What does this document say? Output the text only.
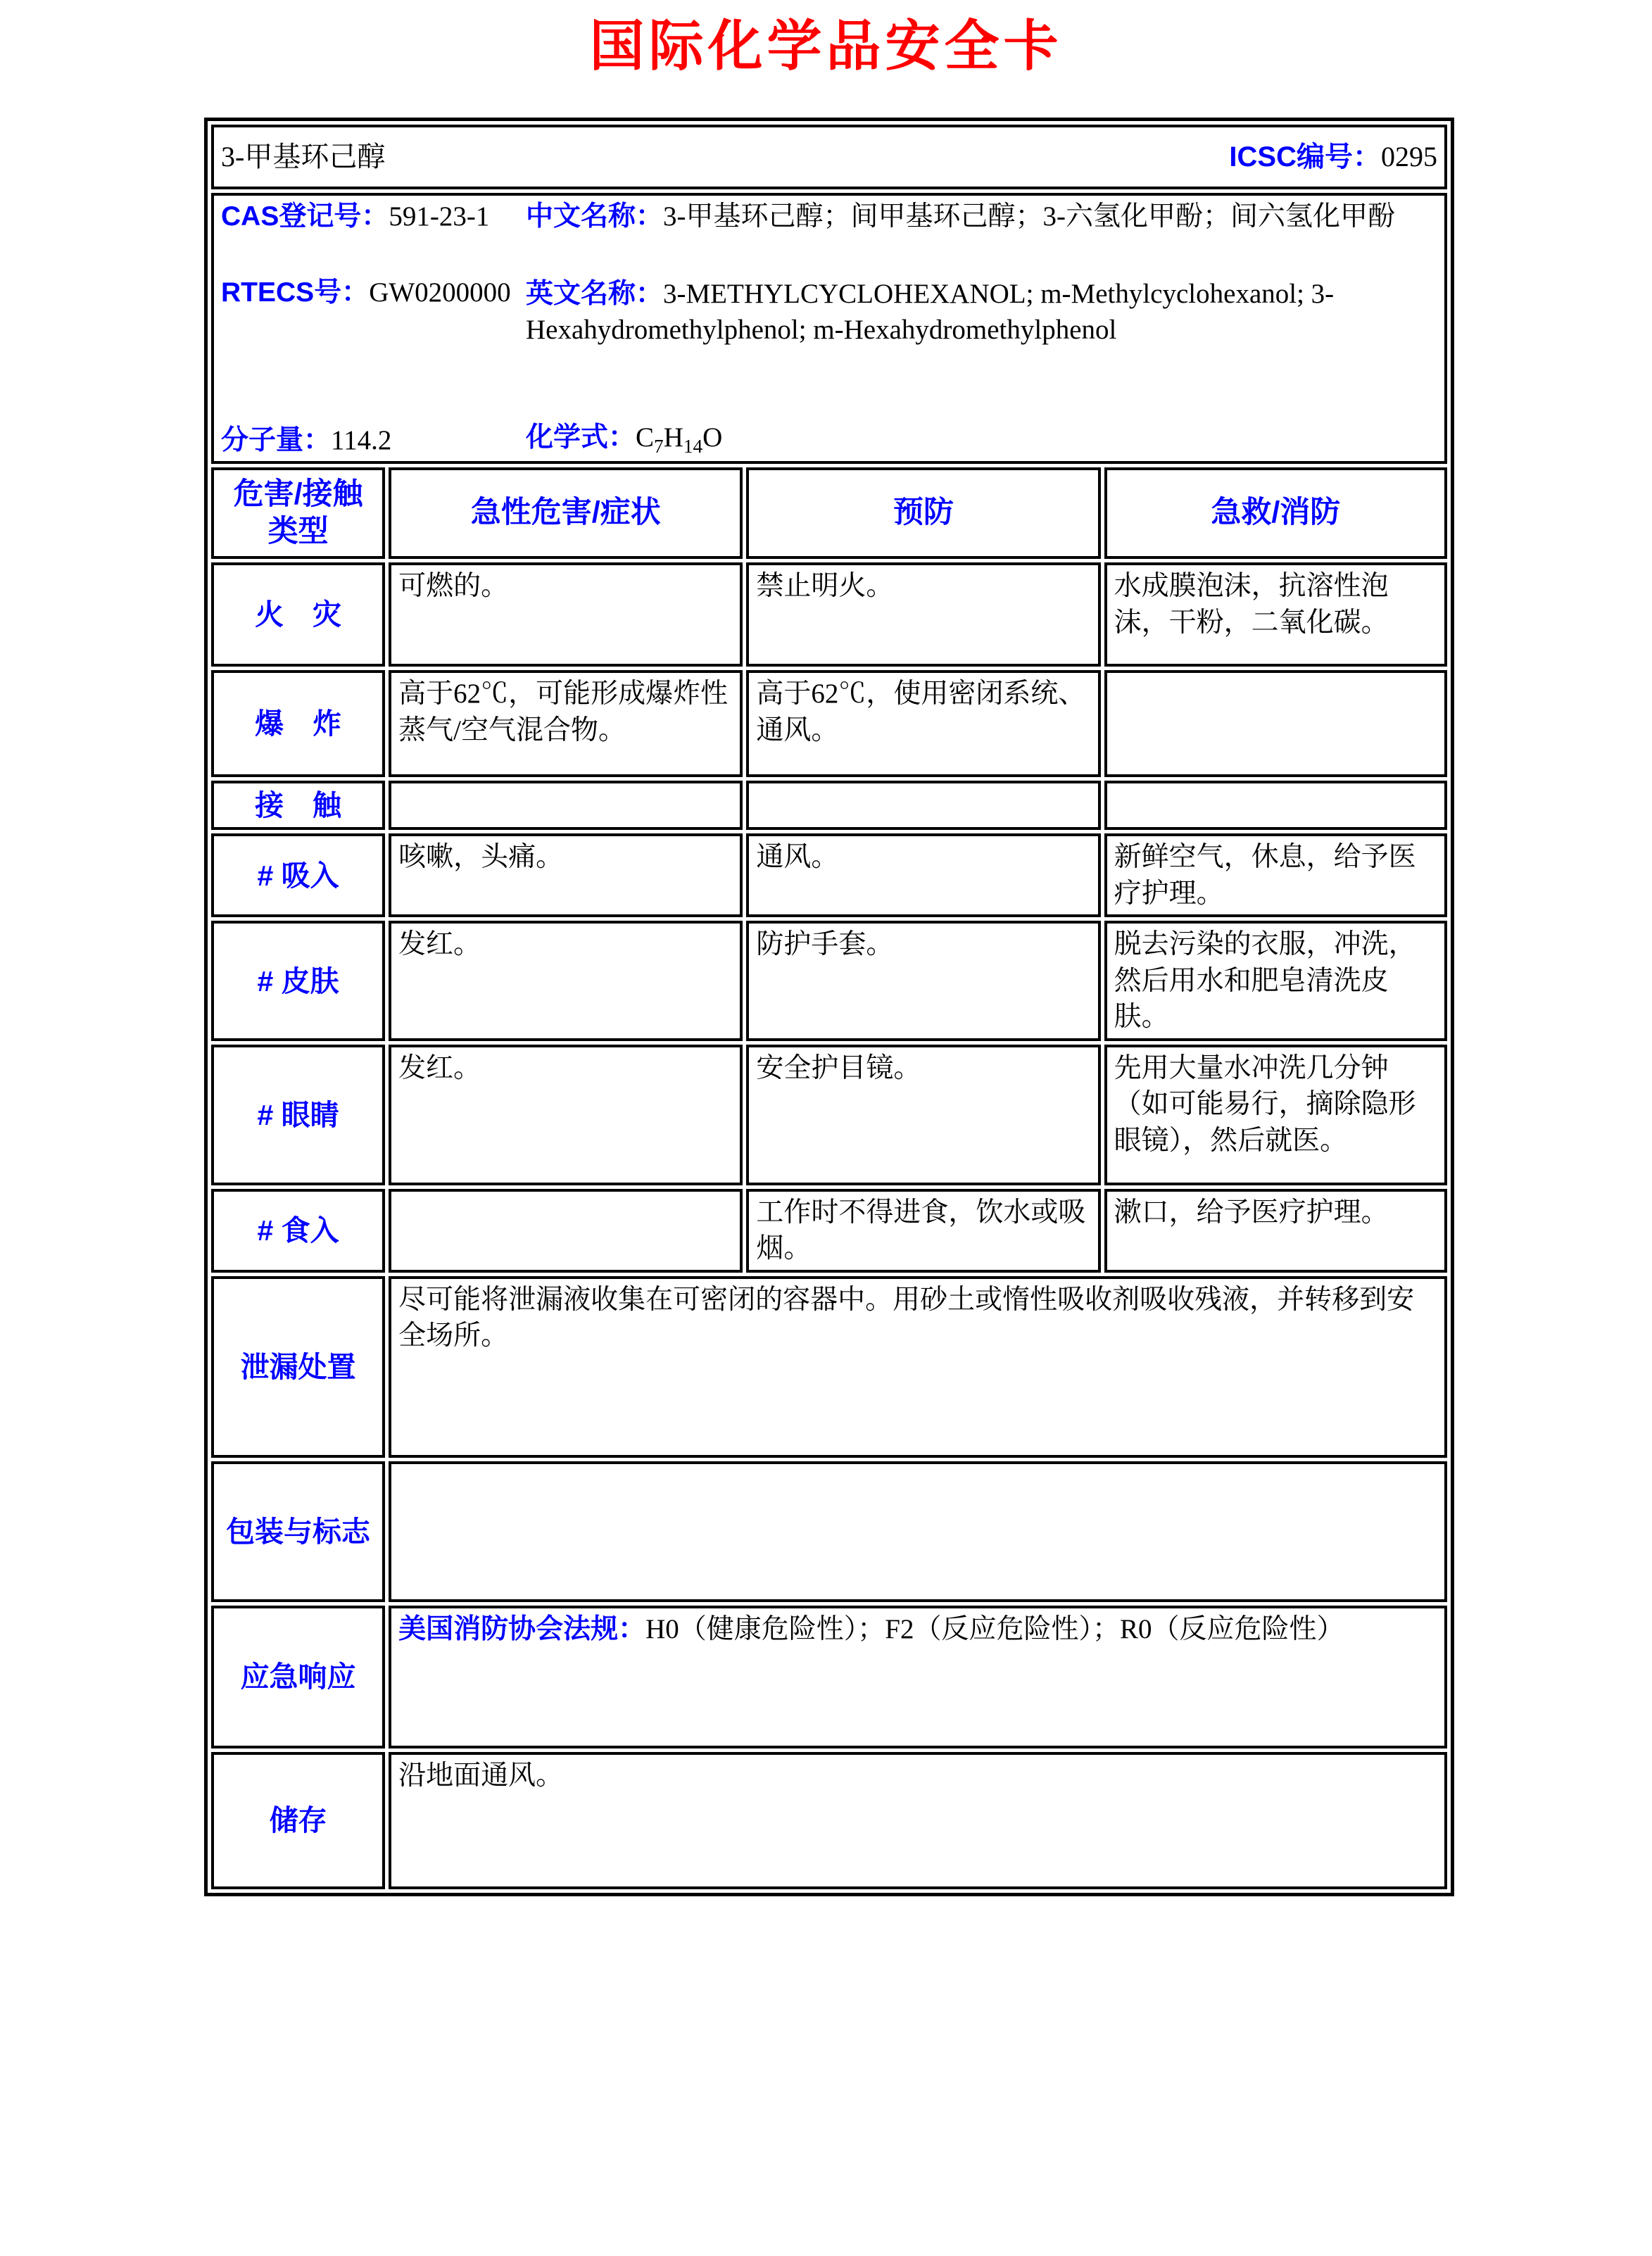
国际化学品安全卡
3-甲基环己醇 ICSC编号：0295			

CAS登记号：591-23-1
RTECS号：GW0200000
分子量：114.2
中文名称：3-甲基环己醇；间甲基环己醇；3-六氢化甲酚；间六氢化甲酚
英文名称：3-METHYLCYCLOHEXANOL; m-Methylcyclohexanol; 3-Hexahydromethylphenol; m-Hexahydromethylphenol
化学式：$C_7H_{14}O$

危害/接触类型	急性危害/症状	预防	急救/消防
火　灾	可燃的。	禁止明火。	水成膜泡沫，抗溶性泡沫，干粉，二氧化碳。
爆　炸	高于62℃，可能形成爆炸性蒸气/空气混合物。	高于62℃，使用密闭系统、通风。	
接　触			
# 吸入	咳嗽，头痛。	通风。	新鲜空气，休息，给予医疗护理。
# 皮肤	发红。	防护手套。	脱去污染的衣服，冲洗，然后用水和肥皂清洗皮肤。
# 眼睛	发红。	安全护目镜。	先用大量水冲洗几分钟（如可能易行，摘除隐形眼镜），然后就医。
# 食入		工作时不得进食，饮水或吸烟。	漱口，给予医疗护理。
泄漏处置	尽可能将泄漏液收集在可密闭的容器中。用砂土或惰性吸收剂吸收残液，并转移到安全场所。		
包装与标志			
应急响应	美国消防协会法规：H0（健康危险性）；F2（反应危险性）；R0（反应危险性）		
储存	沿地面通风。		
